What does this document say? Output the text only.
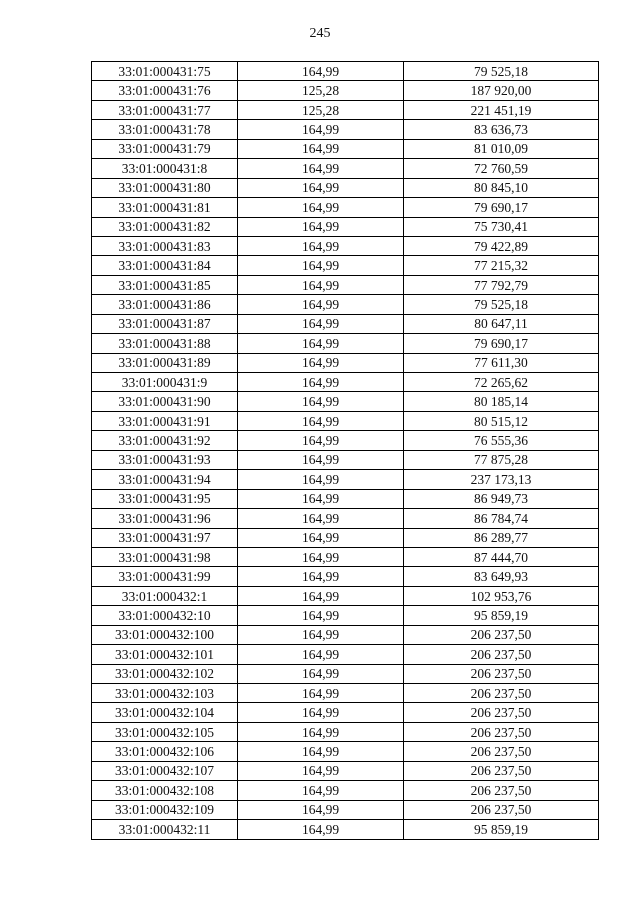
245
33:01:000431:75	164,99	79 525,18
33:01:000431:76	125,28	187 920,00
33:01:000431:77	125,28	221 451,19
33:01:000431:78	164,99	83 636,73
33:01:000431:79	164,99	81 010,09
33:01:000431:8	164,99	72 760,59
33:01:000431:80	164,99	80 845,10
33:01:000431:81	164,99	79 690,17
33:01:000431:82	164,99	75 730,41
33:01:000431:83	164,99	79 422,89
33:01:000431:84	164,99	77 215,32
33:01:000431:85	164,99	77 792,79
33:01:000431:86	164,99	79 525,18
33:01:000431:87	164,99	80 647,11
33:01:000431:88	164,99	79 690,17
33:01:000431:89	164,99	77 611,30
33:01:000431:9	164,99	72 265,62
33:01:000431:90	164,99	80 185,14
33:01:000431:91	164,99	80 515,12
33:01:000431:92	164,99	76 555,36
33:01:000431:93	164,99	77 875,28
33:01:000431:94	164,99	237 173,13
33:01:000431:95	164,99	86 949,73
33:01:000431:96	164,99	86 784,74
33:01:000431:97	164,99	86 289,77
33:01:000431:98	164,99	87 444,70
33:01:000431:99	164,99	83 649,93
33:01:000432:1	164,99	102 953,76
33:01:000432:10	164,99	95 859,19
33:01:000432:100	164,99	206 237,50
33:01:000432:101	164,99	206 237,50
33:01:000432:102	164,99	206 237,50
33:01:000432:103	164,99	206 237,50
33:01:000432:104	164,99	206 237,50
33:01:000432:105	164,99	206 237,50
33:01:000432:106	164,99	206 237,50
33:01:000432:107	164,99	206 237,50
33:01:000432:108	164,99	206 237,50
33:01:000432:109	164,99	206 237,50
33:01:000432:11	164,99	95 859,19
